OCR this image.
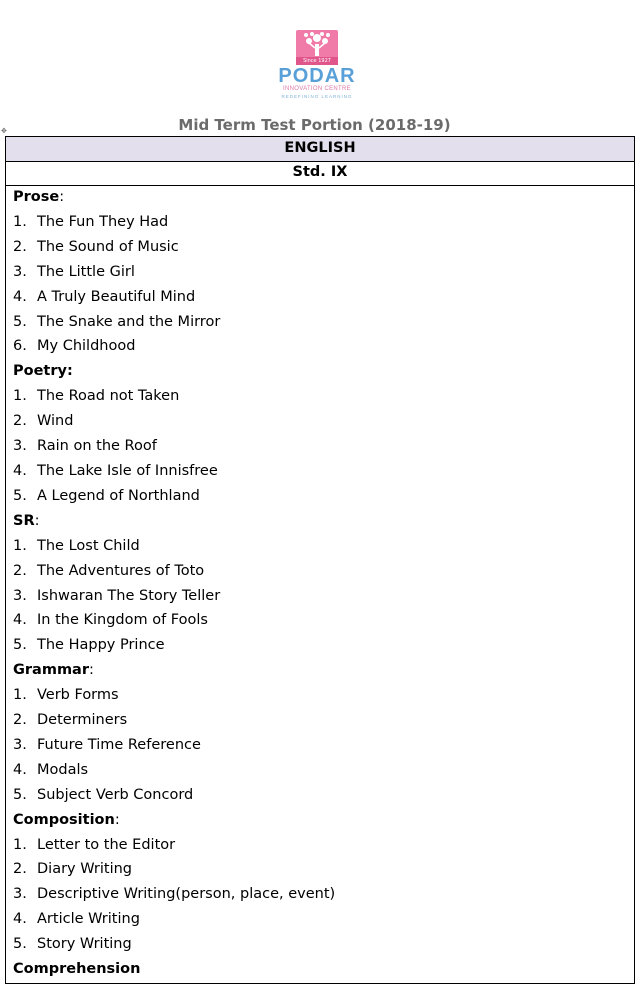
Since 1927
PODAR
INNOVATION CENTRE
REDEFINING LEARNING
Mid Term Test Portion (2018-19)
✥
ENGLISH
Std. IX
Prose:
1. The Fun They Had
2. The Sound of Music
3. The Little Girl
4. A Truly Beautiful Mind
5. The Snake and the Mirror
6. My Childhood
Poetry:
1. The Road not Taken
2. Wind
3. Rain on the Roof
4. The Lake Isle of Innisfree
5. A Legend of Northland
SR:
1. The Lost Child
2. The Adventures of Toto
3. Ishwaran The Story Teller
4. In the Kingdom of Fools
5. The Happy Prince
Grammar:
1. Verb Forms
2. Determiners
3. Future Time Reference
4. Modals
5. Subject Verb Concord
Composition:
1. Letter to the Editor
2. Diary Writing
3. Descriptive Writing(person, place, event)
4. Article Writing
5. Story Writing
Comprehension
